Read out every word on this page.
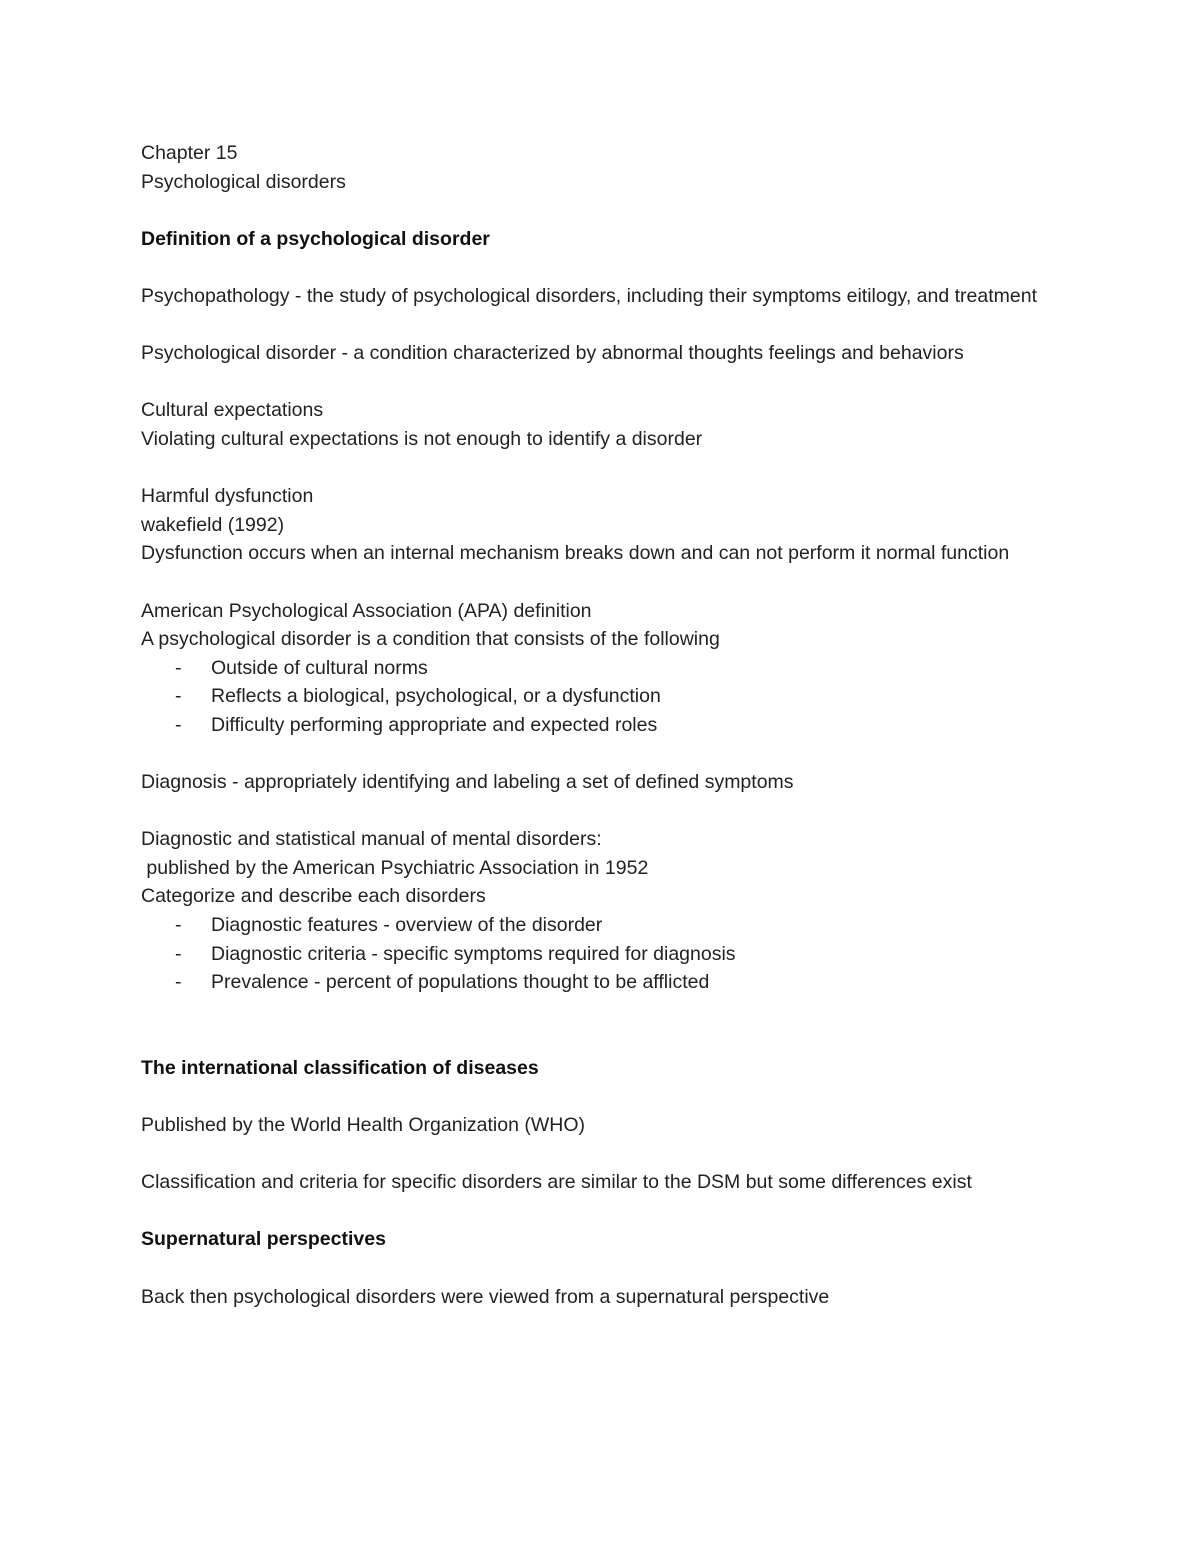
Chapter 15

Psychological disorders

Definition of a psychological disorder

Psychopathology - the study of psychological disorders, including their symptoms eitilogy, and treatment

Psychological disorder - a condition characterized by abnormal thoughts feelings and behaviors

Cultural expectations

Violating cultural expectations is not enough to identify a disorder

Harmful dysfunction

wakefield (1992)

Dysfunction occurs when an internal mechanism breaks down and can not perform it normal function

American Psychological Association (APA) definition

A psychological disorder is a condition that consists of the following

- Outside of cultural norms
- Reflects a biological, psychological, or a dysfunction
- Difficulty performing appropriate and expected roles

Diagnosis - appropriately identifying and labeling a set of defined symptoms

Diagnostic and statistical manual of mental disorders:

published by the American Psychiatric Association in 1952

Categorize and describe each disorders

- Diagnostic features - overview of the disorder
- Diagnostic criteria - specific symptoms required for diagnosis
- Prevalence - percent of populations thought to be afflicted

The international classification of diseases

Published by the World Health Organization (WHO)

Classification and criteria for specific disorders are similar to the DSM but some differences exist

Supernatural perspectives

Back then psychological disorders were viewed from a supernatural perspective
